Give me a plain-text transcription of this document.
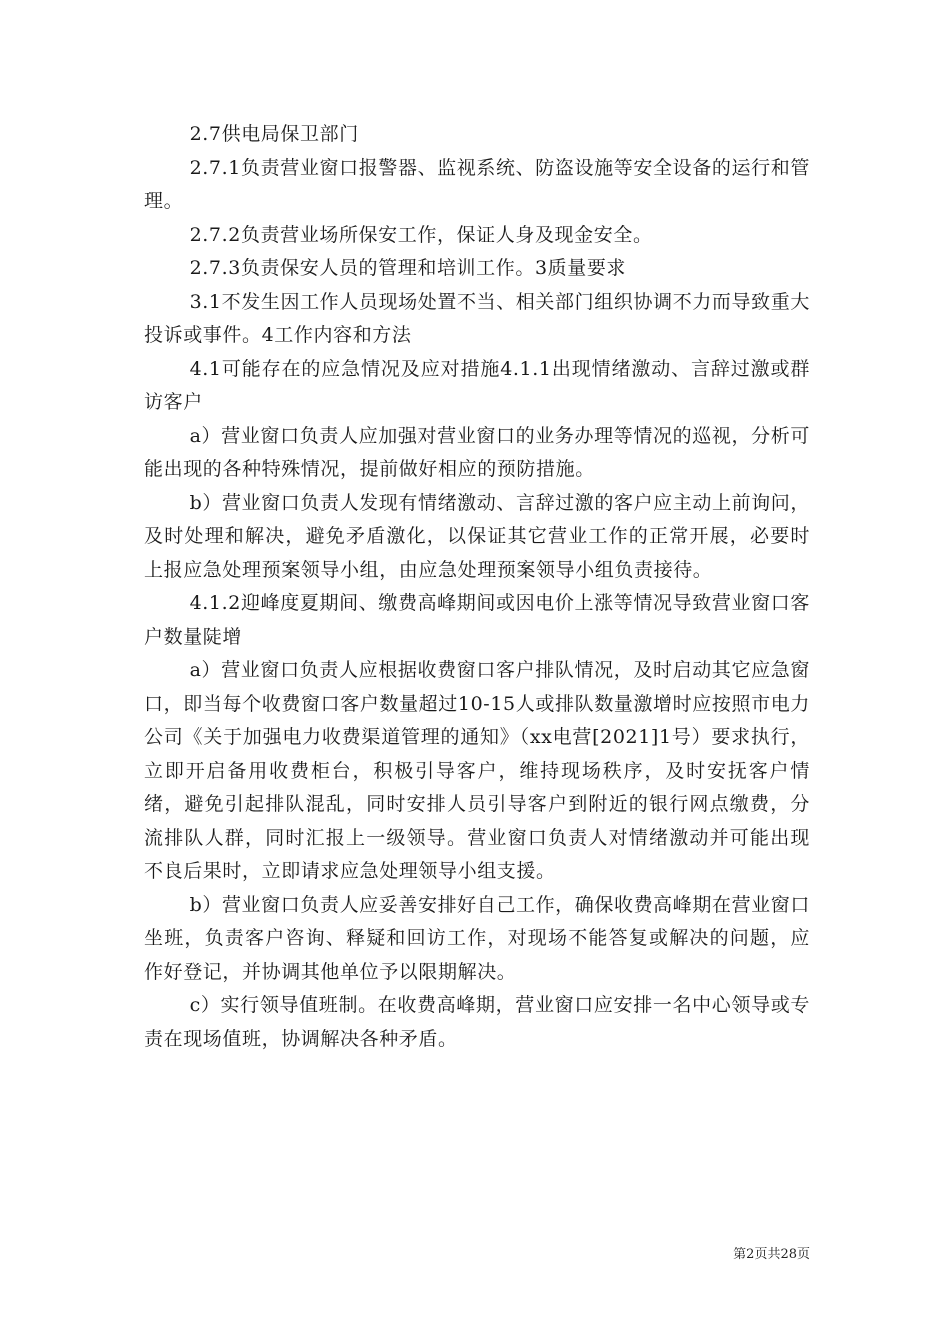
2.7供电局保卫部门

2.7.1负责营业窗口报警器、监视系统、防盗设施等安全设备的运行和管理。

2.7.2负责营业场所保安工作，保证人身及现金安全。

2.7.3负责保安人员的管理和培训工作。3质量要求

3.1不发生因工作人员现场处置不当、相关部门组织协调不力而导致重大投诉或事件。4工作内容和方法

4.1可能存在的应急情况及应对措施4.1.1出现情绪激动、言辞过激或群访客户

a）营业窗口负责人应加强对营业窗口的业务办理等情况的巡视，分析可能出现的各种特殊情况，提前做好相应的预防措施。

b）营业窗口负责人发现有情绪激动、言辞过激的客户应主动上前询问，及时处理和解决，避免矛盾激化，以保证其它营业工作的正常开展，必要时上报应急处理预案领导小组，由应急处理预案领导小组负责接待。

4.1.2迎峰度夏期间、缴费高峰期间或因电价上涨等情况导致营业窗口客户数量陡增

a）营业窗口负责人应根据收费窗口客户排队情况，及时启动其它应急窗口，即当每个收费窗口客户数量超过10-15人或排队数量激增时应按照市电力公司《关于加强电力收费渠道管理的通知》（xx电营[2021]1号）要求执行，立即开启备用收费柜台，积极引导客户，维持现场秩序，及时安抚客户情绪，避免引起排队混乱，同时安排人员引导客户到附近的银行网点缴费，分流排队人群，同时汇报上一级领导。营业窗口负责人对情绪激动并可能出现不良后果时，立即请求应急处理领导小组支援。

b）营业窗口负责人应妥善安排好自己工作，确保收费高峰期在营业窗口坐班，负责客户咨询、释疑和回访工作，对现场不能答复或解决的问题，应作好登记，并协调其他单位予以限期解决。

c）实行领导值班制。在收费高峰期，营业窗口应安排一名中心领导或专责在现场值班，协调解决各种矛盾。

第2页共28页
